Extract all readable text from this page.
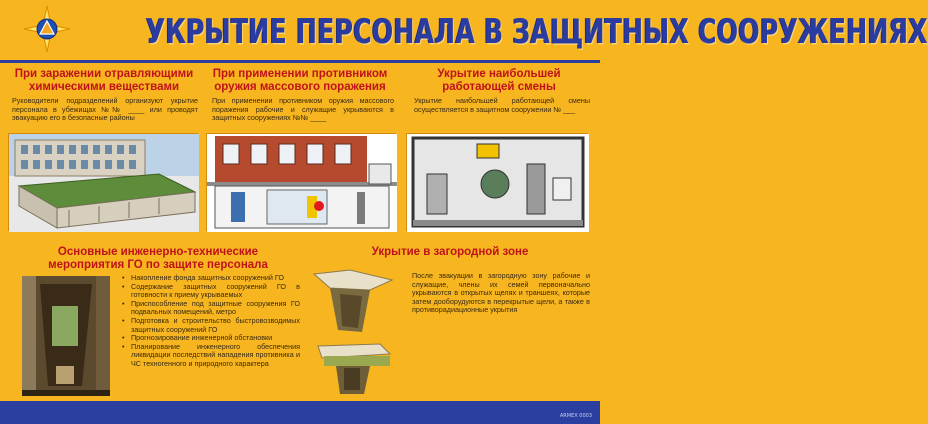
УКРЫТИЕ ПЕРСОНАЛА В ЗАЩИТНЫХ СООРУЖЕНИЯХ
При заражении отравляющими химическими веществами
Руководители подразделений организуют укрытие персонала в убежищах №№ ____ или проводят эвакуацию его в безопасные районы
При применении противником оружия массового поражения
При применении противником оружия массового поражения рабочие и служащие укрываются в защитных сооружениях №№ ____
Укрытие наибольшей работающей смены
Укрытие наибольшей работающей смены осуществляется в защитном сооружении № ___
Основные инженерно-технические мероприятия ГО по защите персонала
• Накопление фонда защитных сооружений ГО
• Содержание защитных сооружений ГО в готовности к приему укрываемых
• Приспособление под защитные сооружения ГО подвальных помещений, метро
• Подготовка и строительство быстровозводимых защитных сооружений ГО
• Прогнозирование инженерной обстановки
• Планирование инженерного обеспечения ликвидации последствий нападения противника и ЧС техногенного и природного характера
Укрытие в загородной зоне
После эвакуации в загородную зону рабочие и служащие, члены их семей первоначально укрываются в открытых щелях и траншеях, которые затем дооборудуются в перекрытые щели, а также в противорадиационные укрытия
ARMEX 0003
